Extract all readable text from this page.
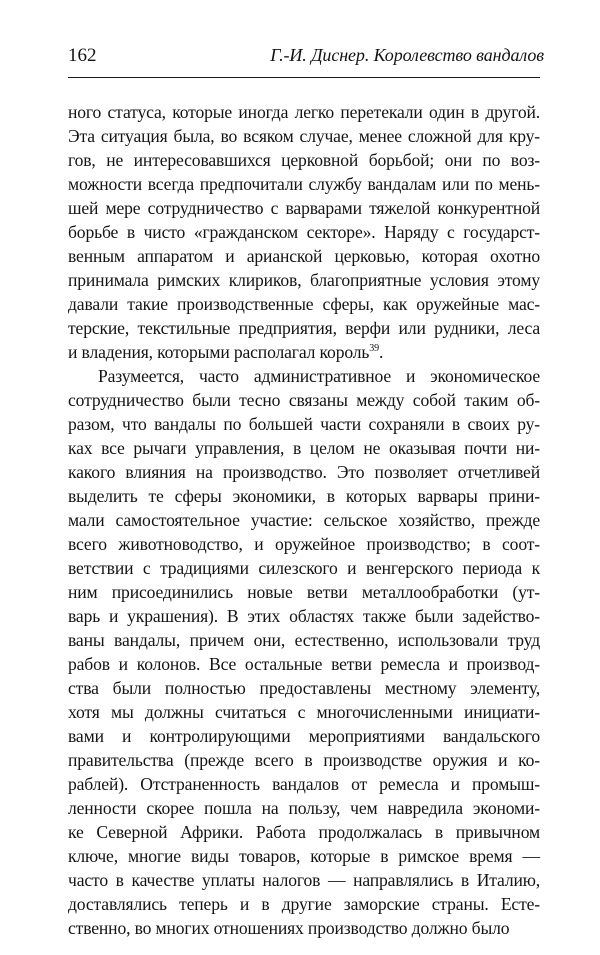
162	Г.-И. Диснер. Королевство вандалов

ного статуса, которые иногда легко перетекали один в другой.
Эта ситуация была, во всяком случае, менее сложной для кру-
гов, не интересовавшихся церковной борьбой; они по воз-
можности всегда предпочитали службу вандалам или по мень-
шей мере сотрудничество с варварами тяжелой конкурентной
борьбе в чисто «гражданском секторе». Наряду с государст-
венным аппаратом и арианской церковью, которая охотно
принимала римских клириков, благоприятные условия этому
давали такие производственные сферы, как оружейные мас-
терские, текстильные предприятия, верфи или рудники, леса
и владения, которыми располагал король$^{39}$.

Разумеется, часто административное и экономическое
сотрудничество были тесно связаны между собой таким об-
разом, что вандалы по большей части сохраняли в своих ру-
ках все рычаги управления, в целом не оказывая почти ни-
какого влияния на производство. Это позволяет отчетливей
выделить те сферы экономики, в которых варвары прини-
мали самостоятельное участие: сельское хозяйство, прежде
всего животноводство, и оружейное производство; в соот-
ветствии с традициями силезского и венгерского периода к
ним присоединились новые ветви металлообработки (ут-
варь и украшения). В этих областях также были задейство-
ваны вандалы, причем они, естественно, использовали труд
рабов и колонов. Все остальные ветви ремесла и производ-
ства были полностью предоставлены местному элементу,
хотя мы должны считаться с многочисленными инициати-
вами и контролирующими мероприятиями вандальского
правительства (прежде всего в производстве оружия и ко-
раблей). Отстраненность вандалов от ремесла и промыш-
ленности скорее пошла на пользу, чем навредила экономи-
ке Северной Африки. Работа продолжалась в привычном
ключе, многие виды товаров, которые в римское время —
часто в качестве уплаты налогов — направлялись в Италию,
доставлялись теперь и в другие заморские страны. Есте-
ственно, во многих отношениях производство должно было
